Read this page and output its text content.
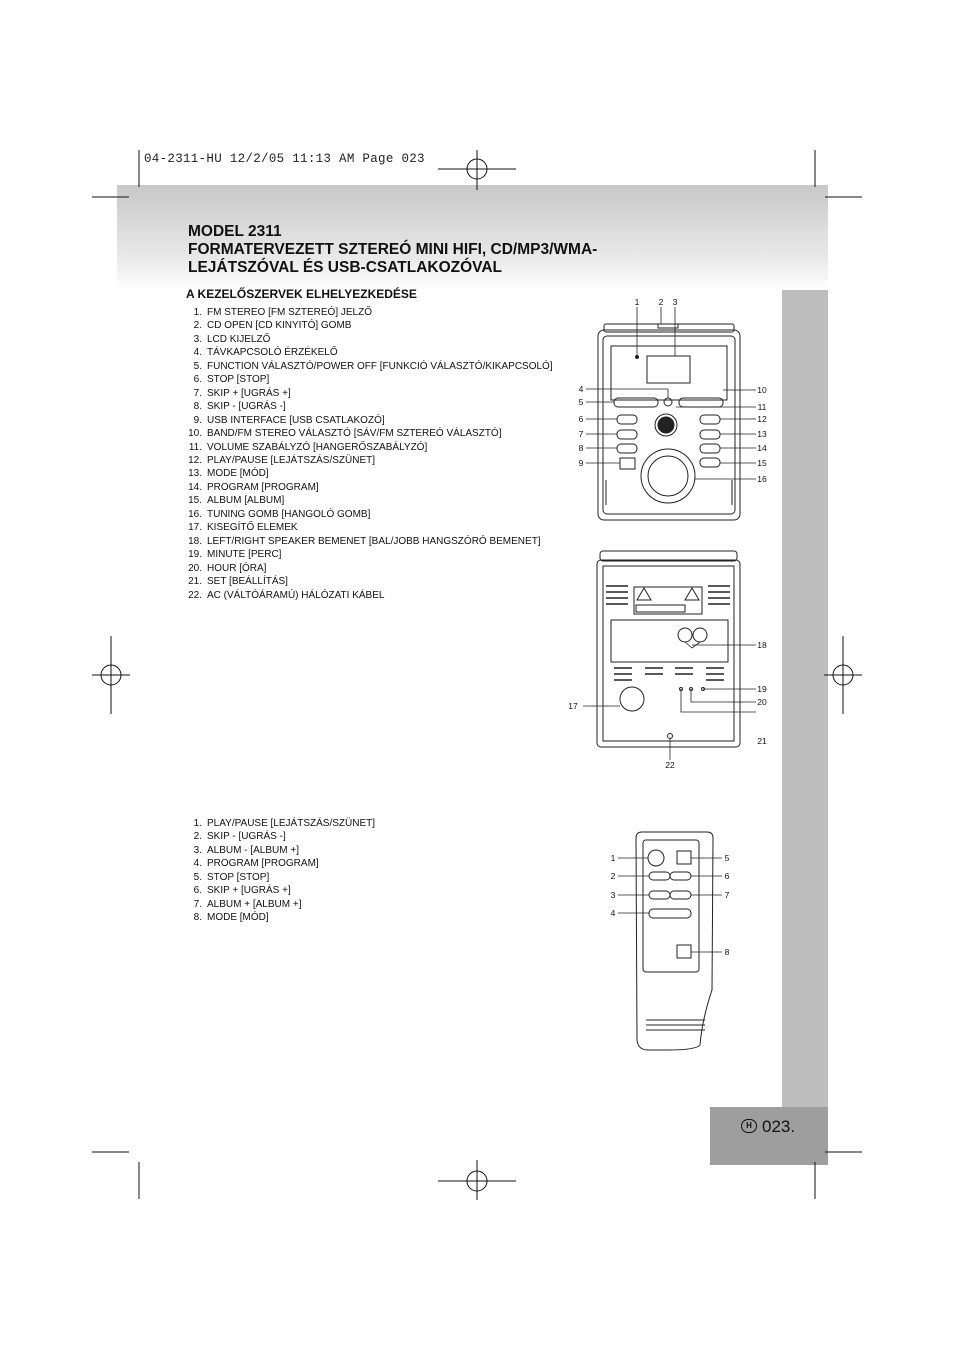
04-2311-HU 12/2/05 11:13 AM Page 023
MODEL 2311
FORMATERVEZETT SZTEREÓ MINI HIFI, CD/MP3/WMA-
LEJÁTSZÓVAL ÉS USB-CSATLAKOZÓVAL
A KEZELŐSZERVEK ELHELYEZKEDÉSE
1. FM STEREO [FM SZTEREÓ] JELZŐ
2. CD OPEN [CD KINYITÓ] GOMB
3. LCD KIJELZŐ
4. TÁVKAPCSOLÓ ÉRZÉKELŐ
5. FUNCTION VÁLASZTÓ/POWER OFF [FUNKCIÓ VÁLASZTÓ/KIKAPCSOLÓ]
6. STOP [STOP]
7. SKIP + [UGRÁS +]
8. SKIP - [UGRÁS -]
9. USB INTERFACE [USB CSATLAKOZÓ]
10. BAND/FM STEREO VÁLASZTÓ [SÁV/FM SZTEREÓ VÁLASZTÓ]
11. VOLUME SZABÁLYZÓ [HANGERŐSZABÁLYZÓ]
12. PLAY/PAUSE [LEJÁTSZÁS/SZÜNET]
13. MODE [MÓD]
14. PROGRAM [PROGRAM]
15. ALBUM [ALBUM]
16. TUNING GOMB [HANGOLÓ GOMB]
17. KISEGÍTŐ ELEMEK
18. LEFT/RIGHT SPEAKER BEMENET [BAL/JOBB HANGSZÓRÓ BEMENET]
19. MINUTE [PERC]
20. HOUR [ÓRA]
21. SET [BEÁLLÍTÁS]
22. AC (VÁLTÓÁRAMÚ) HÁLÓZATI KÁBEL
1. PLAY/PAUSE [LEJÁTSZÁS/SZÜNET]
2. SKIP - [UGRÁS -]
3. ALBUM - [ALBUM +]
4. PROGRAM [PROGRAM]
5. STOP [STOP]
6. SKIP + [UGRÁS +]
7. ALBUM + [ALBUM +]
8. MODE [MÓD]
1 2 3
4
5
6
7
8
9
10
11
12
13
14
15
16
17
18
19
20
21
22
1
2
3
4
5
6
7
8
H 023.
